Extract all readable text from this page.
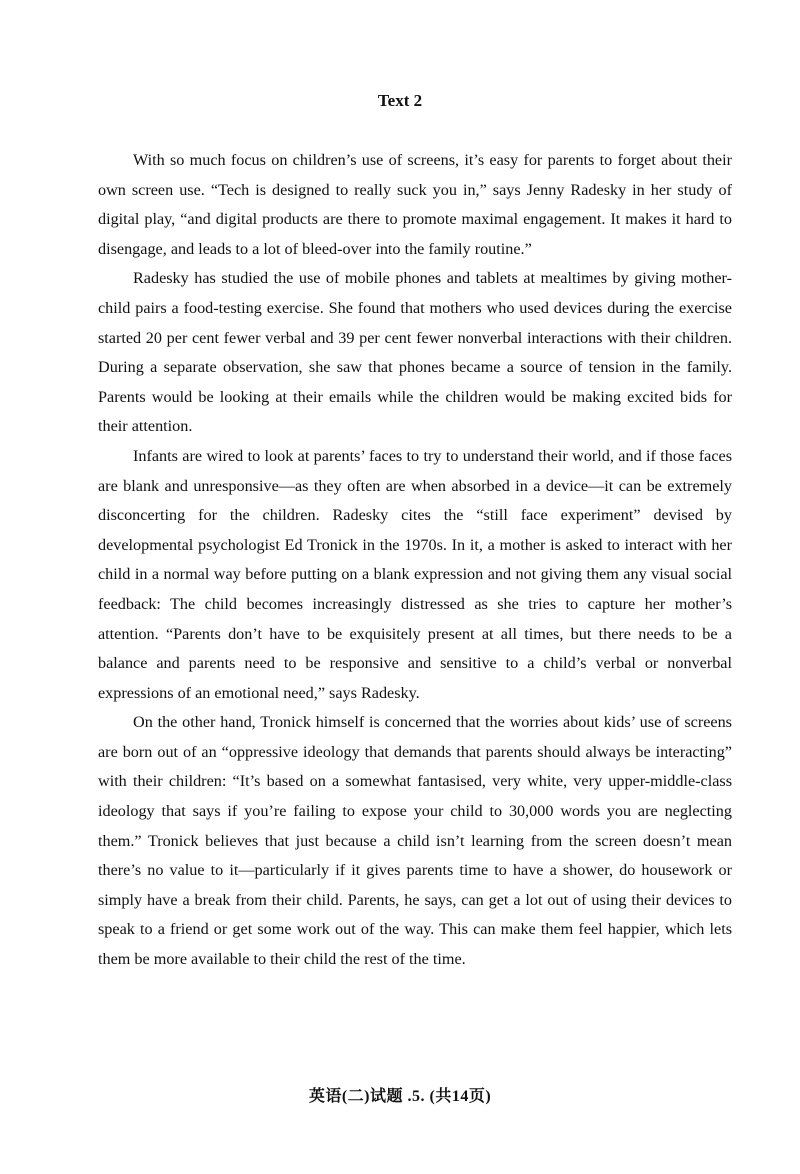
Text 2

With so much focus on children’s use of screens, it’s easy for parents to forget about their own screen use. “Tech is designed to really suck you in,” says Jenny Radesky in her study of digital play, “and digital products are there to promote maximal engagement. It makes it hard to disengage, and leads to a lot of bleed-over into the family routine.”

Radesky has studied the use of mobile phones and tablets at mealtimes by giving mother-child pairs a food-testing exercise. She found that mothers who used devices during the exercise started 20 per cent fewer verbal and 39 per cent fewer nonverbal interactions with their children. During a separate observation, she saw that phones became a source of tension in the family. Parents would be looking at their emails while the children would be making excited bids for their attention.

Infants are wired to look at parents’ faces to try to understand their world, and if those faces are blank and unresponsive—as they often are when absorbed in a device—it can be extremely disconcerting for the children. Radesky cites the “still face experiment” devised by developmental psychologist Ed Tronick in the 1970s. In it, a mother is asked to interact with her child in a normal way before putting on a blank expression and not giving them any visual social feedback: The child becomes increasingly distressed as she tries to capture her mother’s attention. “Parents don’t have to be exquisitely present at all times, but there needs to be a balance and parents need to be responsive and sensitive to a child’s verbal or nonverbal expressions of an emotional need,” says Radesky.

On the other hand, Tronick himself is concerned that the worries about kids’ use of screens are born out of an “oppressive ideology that demands that parents should always be interacting” with their children: “It’s based on a somewhat fantasised, very white, very upper-middle-class ideology that says if you’re failing to expose your child to 30,000 words you are neglecting them.” Tronick believes that just because a child isn’t learning from the screen doesn’t mean there’s no value to it—particularly if it gives parents time to have a shower, do housework or simply have a break from their child. Parents, he says, can get a lot out of using their devices to speak to a friend or get some work out of the way. This can make them feel happier, which lets them be more available to their child the rest of the time.

英语(二)试题 .5. (共14页)
